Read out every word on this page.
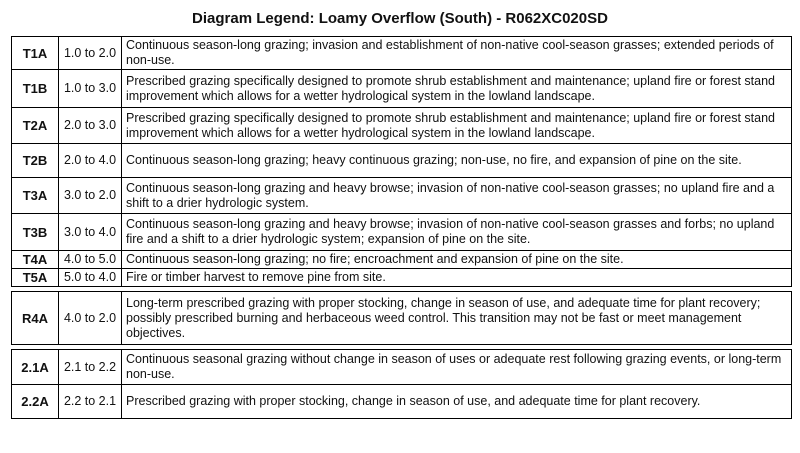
Diagram Legend: Loamy Overflow (South) - R062XC020SD
T1A	1.0 to 2.0	Continuous season-long grazing; invasion and establishment of non-native cool-season grasses; extended periods of non-use.
T1B	1.0 to 3.0	Prescribed grazing specifically designed to promote shrub establishment and maintenance; upland fire or forest stand improvement which allows for a wetter hydrological system in the lowland landscape.
T2A	2.0 to 3.0	Prescribed grazing specifically designed to promote shrub establishment and maintenance; upland fire or forest stand improvement which allows for a wetter hydrological system in the lowland landscape.
T2B	2.0 to 4.0	Continuous season-long grazing; heavy continuous grazing; non-use, no fire, and expansion of pine on the site.
T3A	3.0 to 2.0	Continuous season-long grazing and heavy browse; invasion of non-native cool-season grasses; no upland fire and a shift to a drier hydrologic system.
T3B	3.0 to 4.0	Continuous season-long grazing and heavy browse; invasion of non-native cool-season grasses and forbs; no upland fire and a shift to a drier hydrologic system; expansion of pine on the site.
T4A	4.0 to 5.0	Continuous season-long grazing; no fire; encroachment and expansion of pine on the site.
T5A	5.0 to 4.0	Fire or timber harvest to remove pine from site.
R4A	4.0 to 2.0	Long-term prescribed grazing with proper stocking, change in season of use, and adequate time for plant recovery; possibly prescribed burning and herbaceous weed control. This transition may not be fast or meet management objectives.
2.1A	2.1 to 2.2	Continuous seasonal grazing without change in season of uses or adequate rest following grazing events, or long-term non-use.
2.2A	2.2 to 2.1	Prescribed grazing with proper stocking, change in season of use, and adequate time for plant recovery.
